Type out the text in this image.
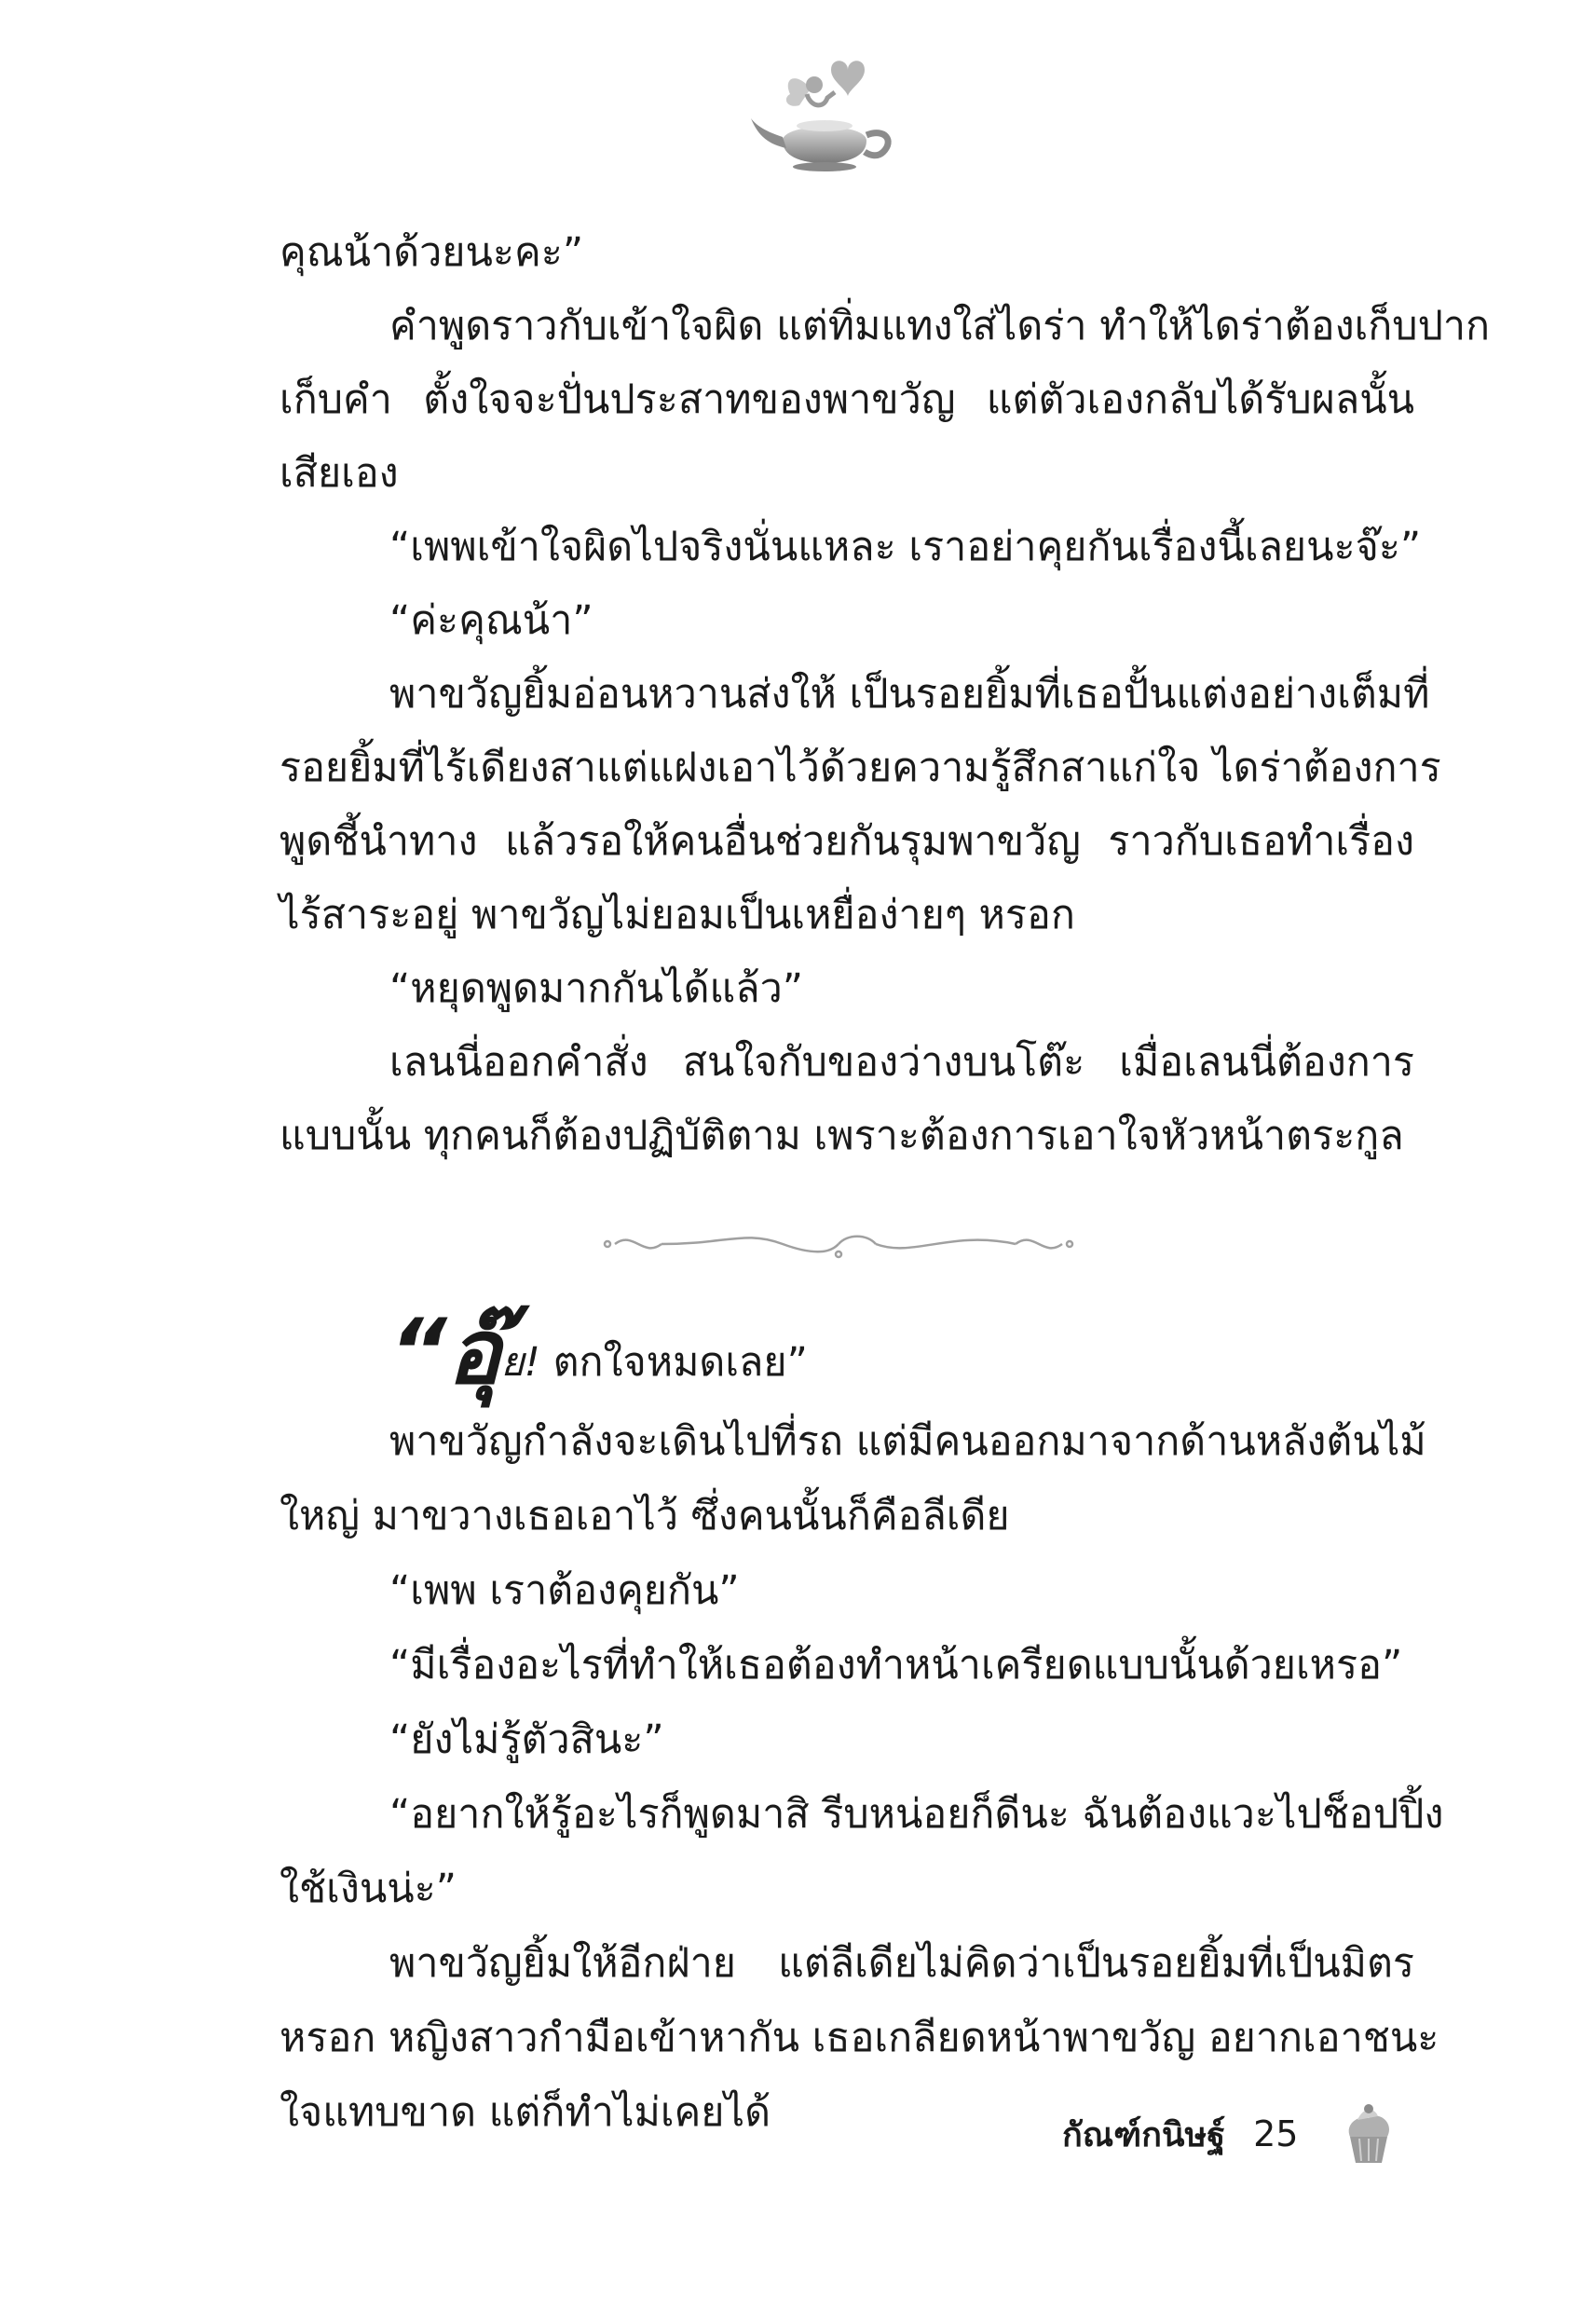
คุณน้าด้วยนะคะ”

คำพูดราวกับเข้าใจผิด แต่ทิ่มแทงใส่ไดร่า ทำให้ไดร่าต้องเก็บปาก

เก็บคำ ตั้งใจจะปั่นประสาทของพาขวัญ แต่ตัวเองกลับได้รับผลนั้น

เสียเอง

“เพพเข้าใจผิดไปจริงนั่นแหละ เราอย่าคุยกันเรื่องนี้เลยนะจ๊ะ”

“ค่ะคุณน้า”

พาขวัญยิ้มอ่อนหวานส่งให้ เป็นรอยยิ้มที่เธอปั้นแต่งอย่างเต็มที่

รอยยิ้มที่ไร้เดียงสาแต่แฝงเอาไว้ด้วยความรู้สึกสาแก่ใจ ไดร่าต้องการ

พูดชี้นำทาง แล้วรอให้คนอื่นช่วยกันรุมพาขวัญ ราวกับเธอทำเรื่อง

ไร้สาระอยู่ พาขวัญไม่ยอมเป็นเหยื่อง่ายๆ หรอก

“หยุดพูดมากกันได้แล้ว”

เลนนี่ออกคำสั่ง สนใจกับของว่างบนโต๊ะ เมื่อเลนนี่ต้องการ

แบบนั้น ทุกคนก็ต้องปฏิบัติตาม เพราะต้องการเอาใจหัวหน้าตระกูล

“อุ๊ย! ตกใจหมดเลย”

พาขวัญกำลังจะเดินไปที่รถ แต่มีคนออกมาจากด้านหลังต้นไม้

ใหญ่ มาขวางเธอเอาไว้ ซึ่งคนนั้นก็คือลีเดีย

“เพพ เราต้องคุยกัน”

“มีเรื่องอะไรที่ทำให้เธอต้องทำหน้าเครียดแบบนั้นด้วยเหรอ”

“ยังไม่รู้ตัวสินะ”

“อยากให้รู้อะไรก็พูดมาสิ รีบหน่อยก็ดีนะ ฉันต้องแวะไปช็อปปิ้ง

ใช้เงินน่ะ”

พาขวัญยิ้มให้อีกฝ่าย แต่ลีเดียไม่คิดว่าเป็นรอยยิ้มที่เป็นมิตร

หรอก หญิงสาวกำมือเข้าหากัน เธอเกลียดหน้าพาขวัญ อยากเอาชนะ

ใจแทบขาด แต่ก็ทำไม่เคยได้	กัณฑ์กนิษฐ์ 25
